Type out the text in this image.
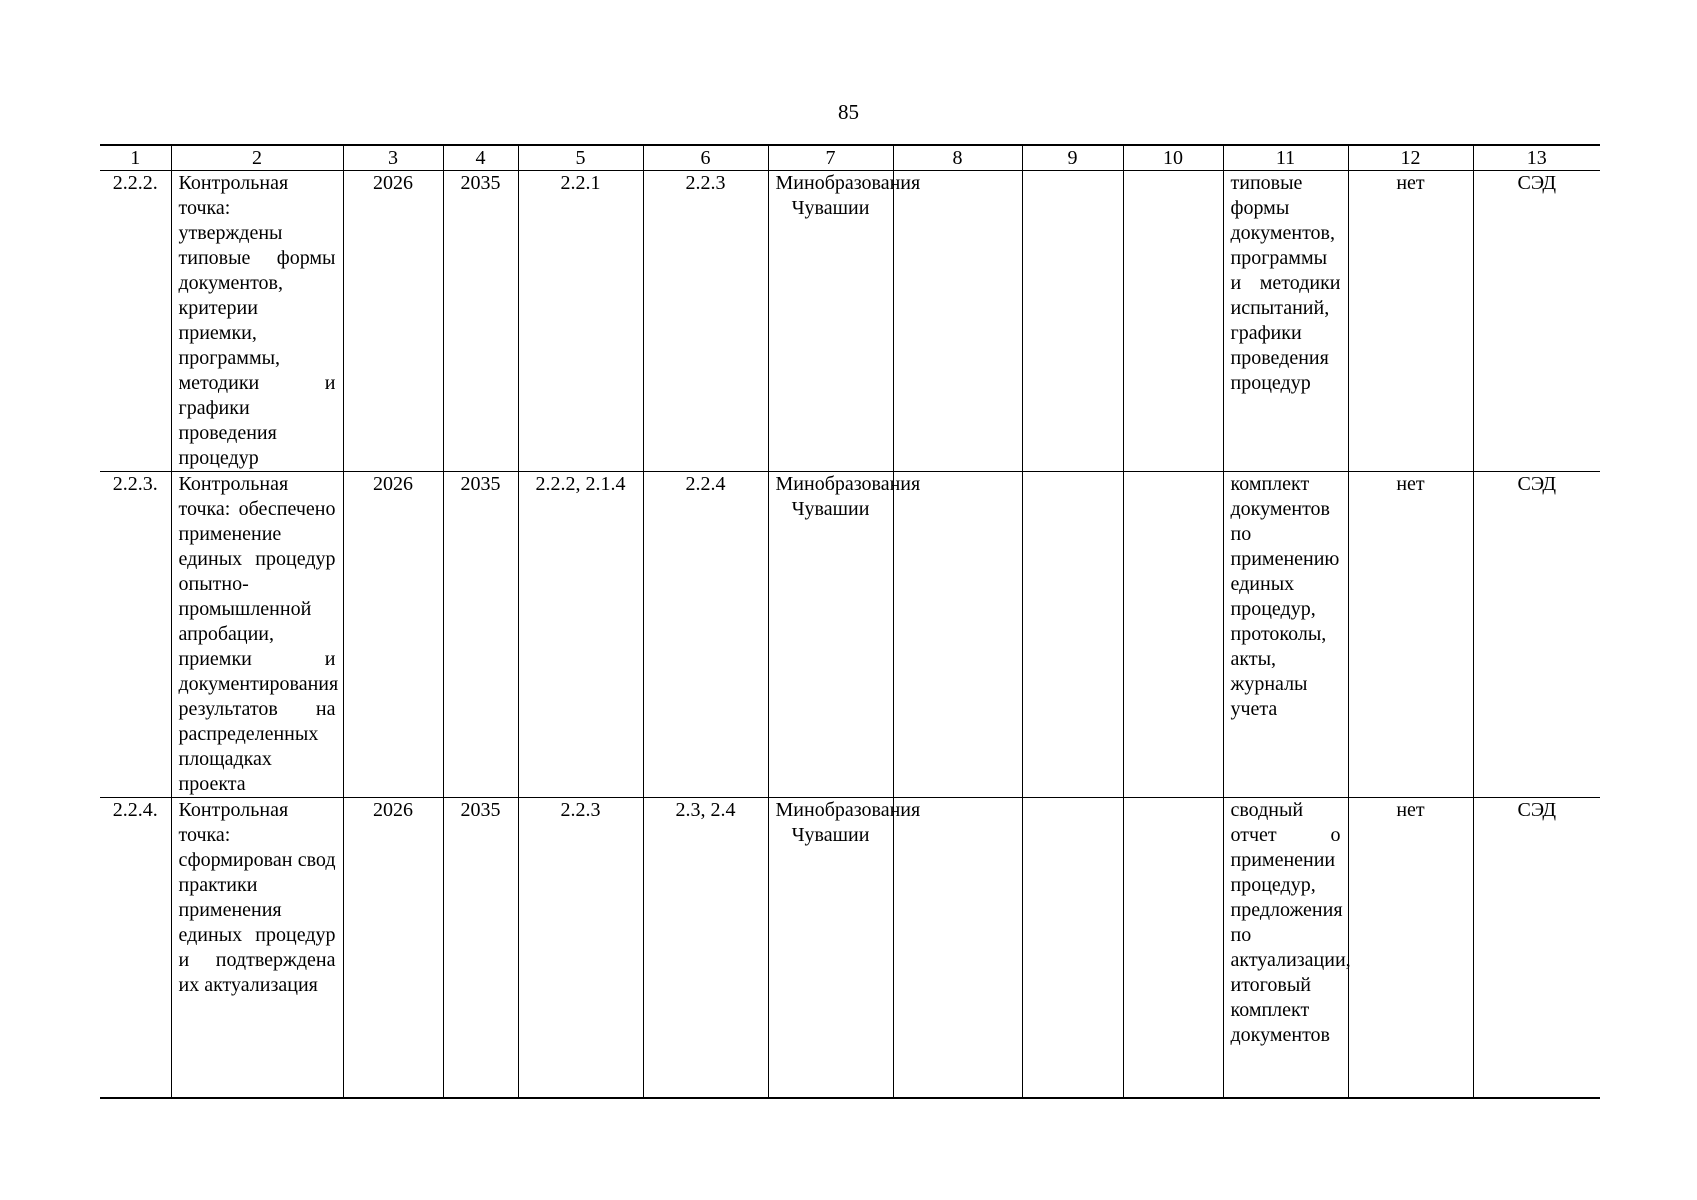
85
1	2	3	4	5	6	7	8	9	10	11	12	13
2.2.2.	Контрольная точка: утверждены типовые формы документов, критерии приемки, программы, методики и графики проведения процедур	2026	2035	2.2.1	2.2.3	Минобразования Чувашии				типовые формы документов, программы и методики испытаний, графики проведения процедур	нет	СЭД
2.2.3.	Контрольная точка: обеспечено применение единых процедур опытно-промышленной апробации, приемки и документирования результатов на распределенных площадках проекта	2026	2035	2.2.2, 2.1.4	2.2.4	Минобразования Чувашии				комплект документов по применению единых процедур, протоколы, акты, журналы учета	нет	СЭД
2.2.4.	Контрольная точка: сформирован свод практики применения единых процедур и подтверждена их актуализация	2026	2035	2.2.3	2.3, 2.4	Минобразования Чувашии				сводный отчет о применении процедур, предложения по актуализации, итоговый комплект документов	нет	СЭД
